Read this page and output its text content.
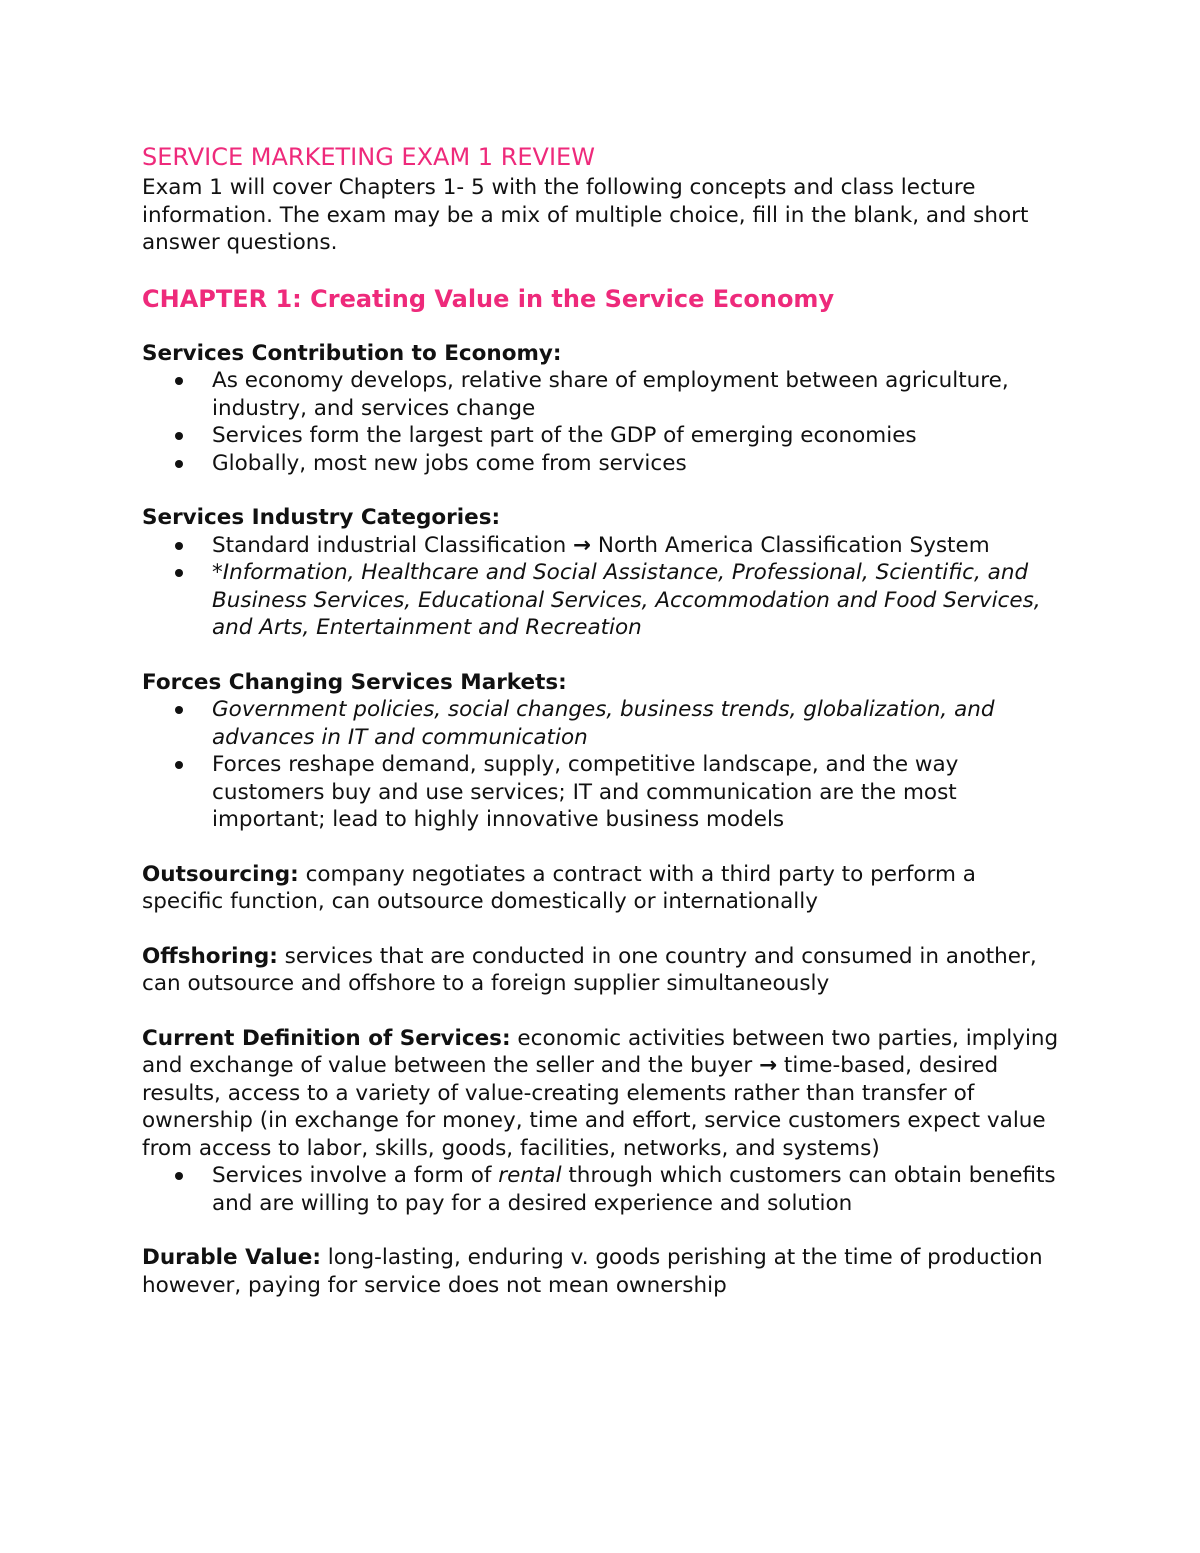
SERVICE MARKETING EXAM 1 REVIEW

Exam 1 will cover Chapters 1- 5 with the following concepts and class lecture information. The exam may be a mix of multiple choice, fill in the blank, and short answer questions.

CHAPTER 1: Creating Value in the Service Economy

Services Contribution to Economy:

As economy develops, relative share of employment between agriculture, industry, and services change
Services form the largest part of the GDP of emerging economies
Globally, most new jobs come from services

Services Industry Categories:

Standard industrial Classification → North America Classification System
*Information, Healthcare and Social Assistance, Professional, Scientific, and Business Services, Educational Services, Accommodation and Food Services, and Arts, Entertainment and Recreation

Forces Changing Services Markets:

Government policies, social changes, business trends, globalization, and advances in IT and communication
Forces reshape demand, supply, competitive landscape, and the way customers buy and use services; IT and communication are the most important; lead to highly innovative business models

Outsourcing: company negotiates a contract with a third party to perform a specific function, can outsource domestically or internationally

Offshoring: services that are conducted in one country and consumed in another, can outsource and offshore to a foreign supplier simultaneously

Current Definition of Services: economic activities between two parties, implying and exchange of value between the seller and the buyer → time-based, desired results, access to a variety of value-creating elements rather than transfer of ownership (in exchange for money, time and effort, service customers expect value from access to labor, skills, goods, facilities, networks, and systems)

Services involve a form of rental through which customers can obtain benefits and are willing to pay for a desired experience and solution

Durable Value: long-lasting, enduring v. goods perishing at the time of production however, paying for service does not mean ownership
